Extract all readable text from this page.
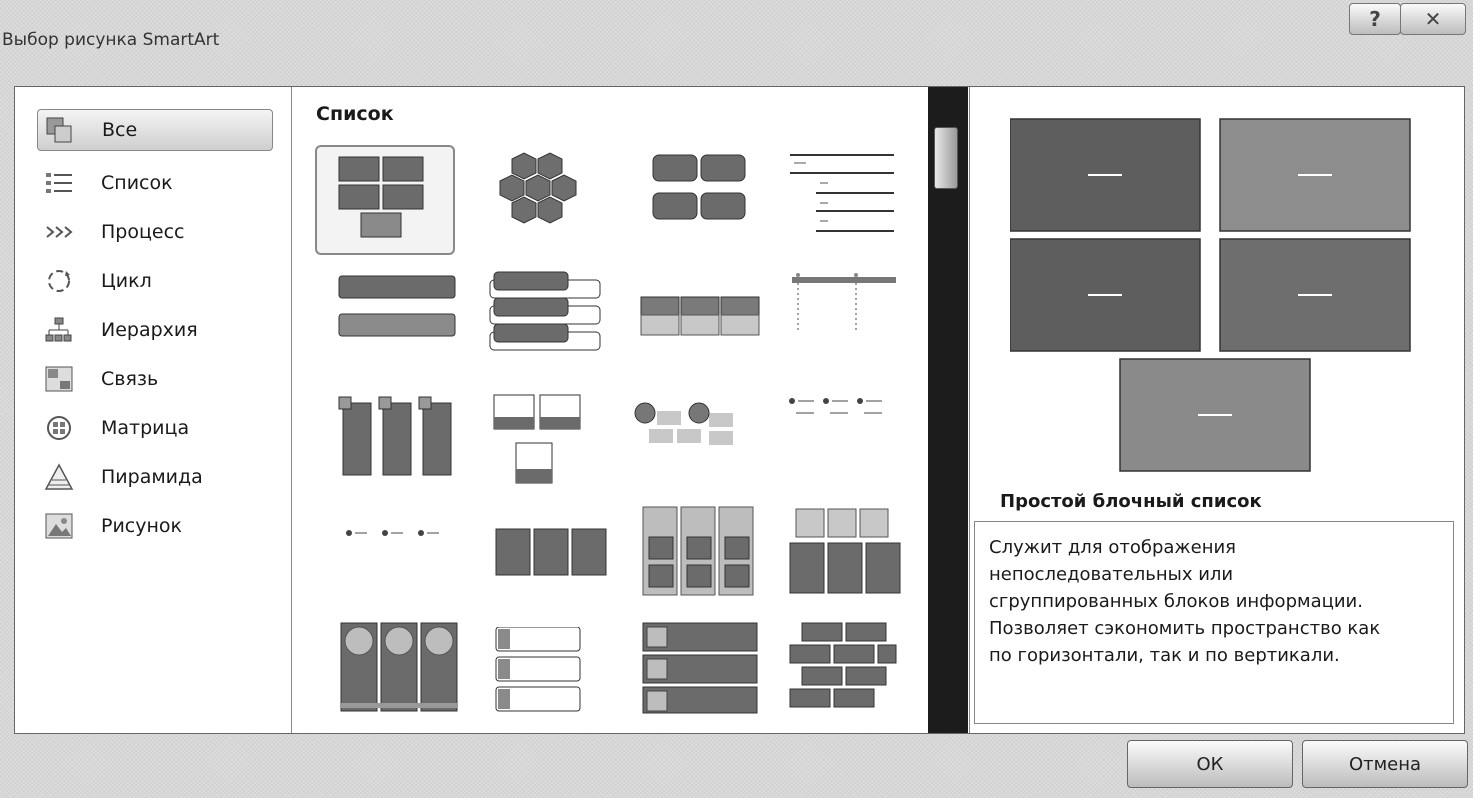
Выбор рисунка SmartArt
? ✕
Все
Список
Процесс
Цикл
Иерархия
Связь
Матрица
Пирамида
Рисунок
Список
Простой блочный список
Служит для отображения
непоследовательных или
сгруппированных блоков информации.
Позволяет сэкономить пространство как
по горизонтали, так и по вертикали.
ОК	Отмена
